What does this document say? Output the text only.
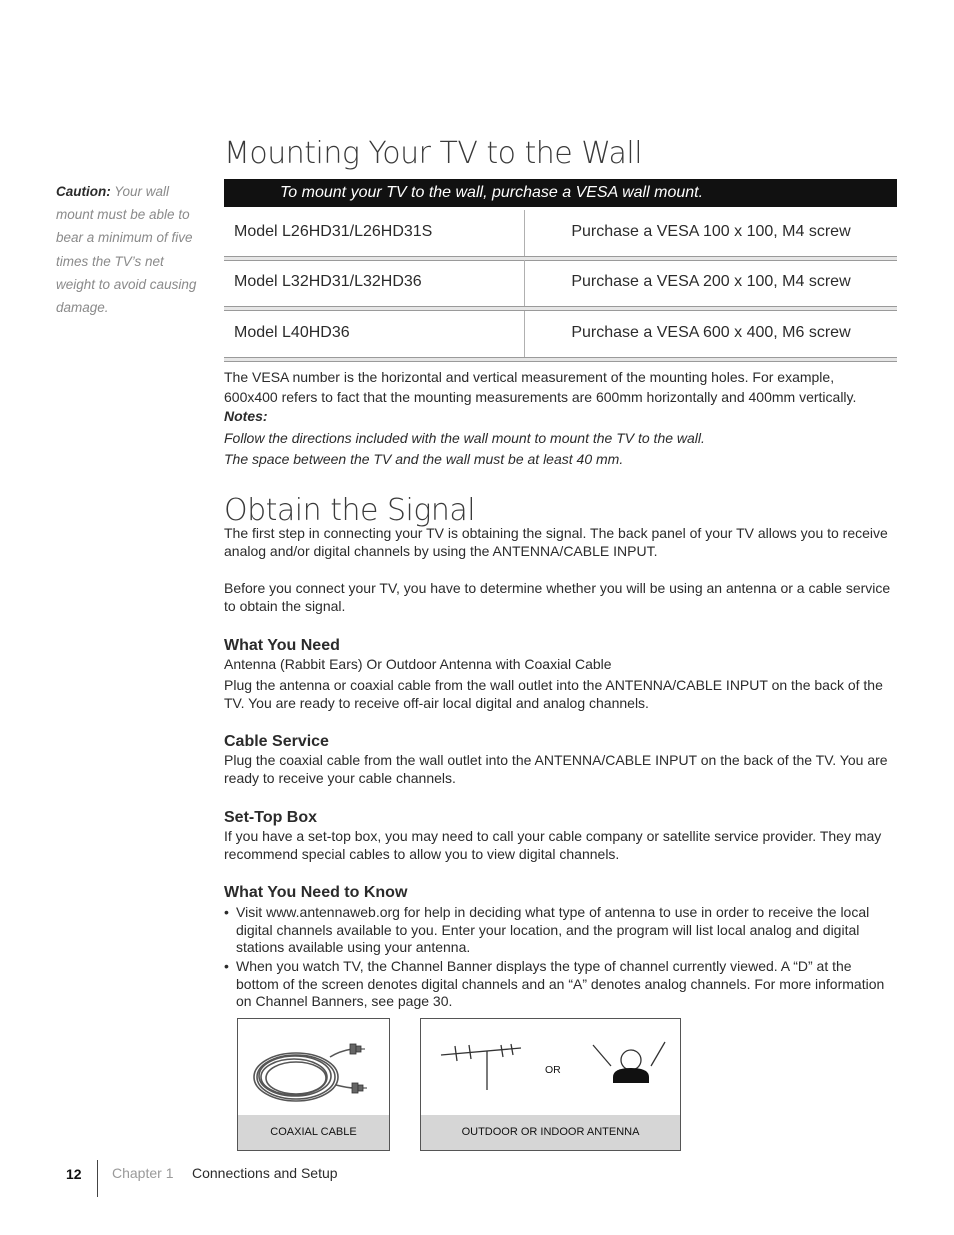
Mounting Your TV to the Wall
Caution: Your wall mount must be able to bear a minimum of five times the TV’s net weight to avoid causing damage.
To mount your TV to the wall, purchase a VESA wall mount.
Model L26HD31/L26HD31S	Purchase a VESA 100 x 100, M4 screw
Model L32HD31/L32HD36	Purchase a VESA 200 x 100, M4 screw
Model L40HD36	Purchase a VESA 600 x 400, M6 screw
The VESA number is the horizontal and vertical measurement of the mounting holes. For example,
600x400 refers to fact that the mounting measurements are 600mm horizontally and 400mm vertically.
Notes:
Follow the directions included with the wall mount to mount the TV to the wall.
The space between the TV and the wall must be at least 40 mm.
Obtain the Signal
The first step in connecting your TV is obtaining the signal. The back panel of your TV allows you to receive analog and/or digital channels by using the ANTENNA/CABLE INPUT.
Before you connect your TV, you have to determine whether you will be using an antenna or a cable service to obtain the signal.
What You Need
Antenna (Rabbit Ears) Or Outdoor Antenna with Coaxial Cable
Plug the antenna or coaxial cable from the wall outlet into the ANTENNA/CABLE INPUT on the back of the TV. You are ready to receive off-air local digital and analog channels.
Cable Service
Plug the coaxial cable from the wall outlet into the ANTENNA/CABLE INPUT on the back of the TV. You are ready to receive your cable channels.
Set-Top Box
If you have a set-top box, you may need to call your cable company or satellite service provider. They may recommend special cables to allow you to view digital channels.
What You Need to Know
• Visit www.antennaweb.org for help in deciding what type of antenna to use in order to receive the local digital channels available to you. Enter your location, and the program will list local analog and digital stations available using your antenna.
• When you watch TV, the Channel Banner displays the type of channel currently viewed. A “D” at the bottom of the screen denotes digital channels and an “A” denotes analog channels. For more information on Channel Banners, see page 30.
COAXIAL CABLE
OR
OUTDOOR OR INDOOR ANTENNA
12 Chapter 1 Connections and Setup
